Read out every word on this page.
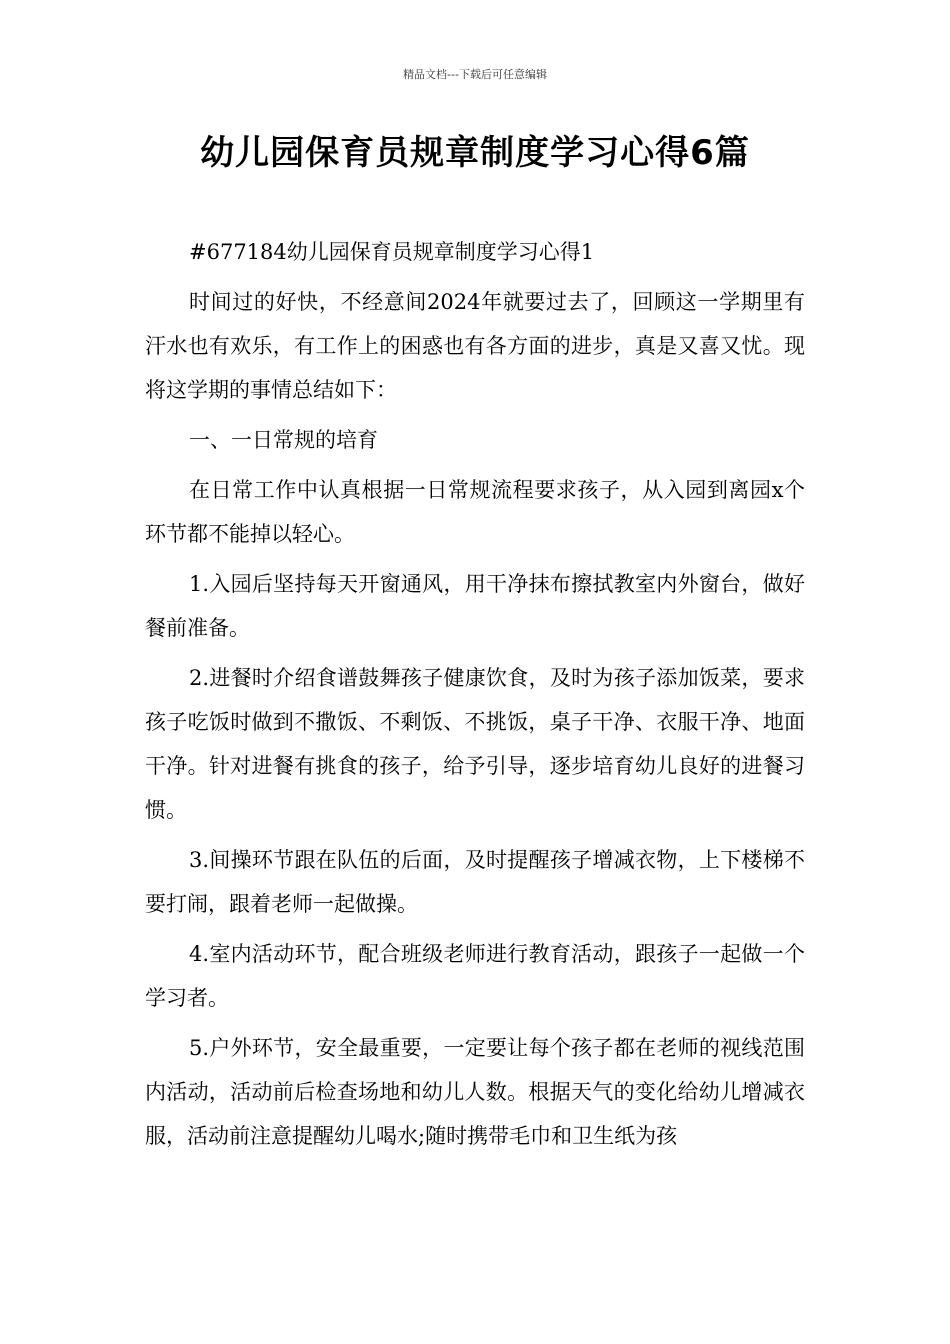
精品文档---下载后可任意编辑
幼儿园保育员规章制度学习心得6篇

#677184幼儿园保育员规章制度学习心得1

时间过的好快，不经意间2024年就要过去了，回顾这一学期里有汗水也有欢乐，有工作上的困惑也有各方面的进步，真是又喜又忧。现将这学期的事情总结如下：

一、一日常规的培育

在日常工作中认真根据一日常规流程要求孩子，从入园到离园x个环节都不能掉以轻心。

1.入园后坚持每天开窗通风，用干净抹布擦拭教室内外窗台，做好餐前准备。

2.进餐时介绍食谱鼓舞孩子健康饮食，及时为孩子添加饭菜，要求孩子吃饭时做到不撒饭、不剩饭、不挑饭，桌子干净、衣服干净、地面干净。针对进餐有挑食的孩子，给予引导，逐步培育幼儿良好的进餐习惯。

3.间操环节跟在队伍的后面，及时提醒孩子增减衣物，上下楼梯不要打闹，跟着老师一起做操。

4.室内活动环节，配合班级老师进行教育活动，跟孩子一起做一个学习者。

5.户外环节，安全最重要，一定要让每个孩子都在老师的视线范围内活动，活动前后检查场地和幼儿人数。根据天气的变化给幼儿增减衣服，活动前注意提醒幼儿喝水;随时携带毛巾和卫生纸为孩
